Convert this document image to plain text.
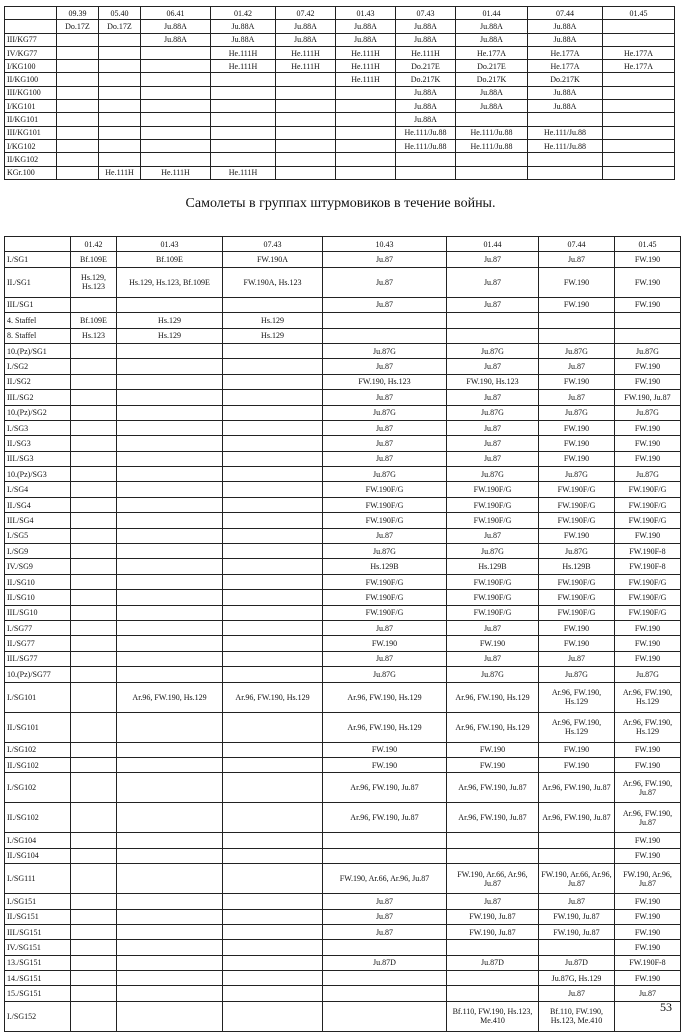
	09.39	05.40	06.41	01.42	07.42	01.43	07.43	01.44	07.44	01.45
	Do.17Z	Do.17Z	Ju.88A	Ju.88A	Ju.88A	Ju.88A	Ju.88A	Ju.88A	Ju.88A	
III/KG77			Ju.88A	Ju.88A	Ju.88A	Ju.88A	Ju.88A	Ju.88A	Ju.88A	
IV/KG77				He.111H	He.111H	He.111H	He.111H	He.177A	He.177A	He.177A
I/KG100				He.111H	He.111H	He.111H	Do.217E	Do.217E	He.177A	He.177A
II/KG100						He.111H	Do.217K	Do.217K	Do.217K	
III/KG100							Ju.88A	Ju.88A	Ju.88A	
I/KG101							Ju.88A	Ju.88A	Ju.88A	
II/KG101							Ju.88A			
III/KG101							He.111/Ju.88	He.111/Ju.88	He.111/Ju.88	
I/KG102							He.111/Ju.88	He.111/Ju.88	He.111/Ju.88	
II/KG102										
KGr.100		He.111H	He.111H	He.111H						
Самолеты в группах штурмовиков в течение войны.
	01.42	01.43	07.43	10.43	01.44	07.44	01.45
I./SG1	Bf.109E	Bf.109E	FW.190A	Ju.87	Ju.87	Ju.87	FW.190
II./SG1	Hs.129, Hs.123	Hs.129, Hs.123, Bf.109E	FW.190A, Hs.123	Ju.87	Ju.87	FW.190	FW.190
III./SG1				Ju.87	Ju.87	FW.190	FW.190
4. Staffel	Bf.109E	Hs.129	Hs.129				
8. Staffel	Hs.123	Hs.129	Hs.129				
10.(Pz)/SG1				Ju.87G	Ju.87G	Ju.87G	Ju.87G
I./SG2				Ju.87	Ju.87	Ju.87	FW.190
II./SG2				FW.190, Hs.123	FW.190, Hs.123	FW.190	FW.190
III./SG2				Ju.87	Ju.87	Ju.87	FW.190, Ju.87
10.(Pz)/SG2				Ju.87G	Ju.87G	Ju.87G	Ju.87G
I./SG3				Ju.87	Ju.87	FW.190	FW.190
II./SG3				Ju.87	Ju.87	FW.190	FW.190
III./SG3				Ju.87	Ju.87	FW.190	FW.190
10.(Pz)/SG3				Ju.87G	Ju.87G	Ju.87G	Ju.87G
I./SG4				FW.190F/G	FW.190F/G	FW.190F/G	FW.190F/G
II./SG4				FW.190F/G	FW.190F/G	FW.190F/G	FW.190F/G
III./SG4				FW.190F/G	FW.190F/G	FW.190F/G	FW.190F/G
I./SG5				Ju.87	Ju.87	FW.190	FW.190
I./SG9				Ju.87G	Ju.87G	Ju.87G	FW.190F-8
IV./SG9				Hs.129B	Hs.129B	Hs.129B	FW.190F-8
II./SG10				FW.190F/G	FW.190F/G	FW.190F/G	FW.190F/G
II./SG10				FW.190F/G	FW.190F/G	FW.190F/G	FW.190F/G
III./SG10				FW.190F/G	FW.190F/G	FW.190F/G	FW.190F/G
I./SG77				Ju.87	Ju.87	FW.190	FW.190
II./SG77				FW.190	FW.190	FW.190	FW.190
III./SG77				Ju.87	Ju.87	Ju.87	FW.190
10.(Pz)/SG77				Ju.87G	Ju.87G	Ju.87G	Ju.87G
I./SG101		Ar.96, FW.190, Hs.129	Ar.96, FW.190, Hs.129	Ar.96, FW.190, Hs.129	Ar.96, FW.190, Hs.129	Ar.96, FW.190, Hs.129	Ar.96, FW.190, Hs.129
II./SG101				Ar.96, FW.190, Hs.129	Ar.96, FW.190, Hs.129	Ar.96, FW.190, Hs.129	Ar.96, FW.190, Hs.129
I./SG102				FW.190	FW.190	FW.190	FW.190
II./SG102				FW.190	FW.190	FW.190	FW.190
I./SG102				Ar.96, FW.190, Ju.87	Ar.96, FW.190, Ju.87	Ar.96, FW.190, Ju.87	Ar.96, FW.190, Ju.87
II./SG102				Ar.96, FW.190, Ju.87	Ar.96, FW.190, Ju.87	Ar.96, FW.190, Ju.87	Ar.96, FW.190, Ju.87
I./SG104							FW.190
II./SG104							FW.190
I./SG111				FW.190, Ar.66, Ar.96, Ju.87	FW.190, Ar.66, Ar.96, Ju.87	FW.190, Ar.66, Ar.96, Ju.87	FW.190, Ar.96, Ju.87
I./SG151				Ju.87	Ju.87	Ju.87	FW.190
II./SG151				Ju.87	FW.190, Ju.87	FW.190, Ju.87	FW.190
III./SG151				Ju.87	FW.190, Ju.87	FW.190, Ju.87	FW.190
IV./SG151							FW.190
13./SG151				Ju.87D	Ju.87D	Ju.87D	FW.190F-8
14./SG151						Ju.87G, Hs.129	FW.190
15./SG151						Ju.87	Ju.87
I./SG152					Bf.110, FW.190, Hs.123, Me.410	Bf.110, FW.190, Hs.123, Me.410	
53
